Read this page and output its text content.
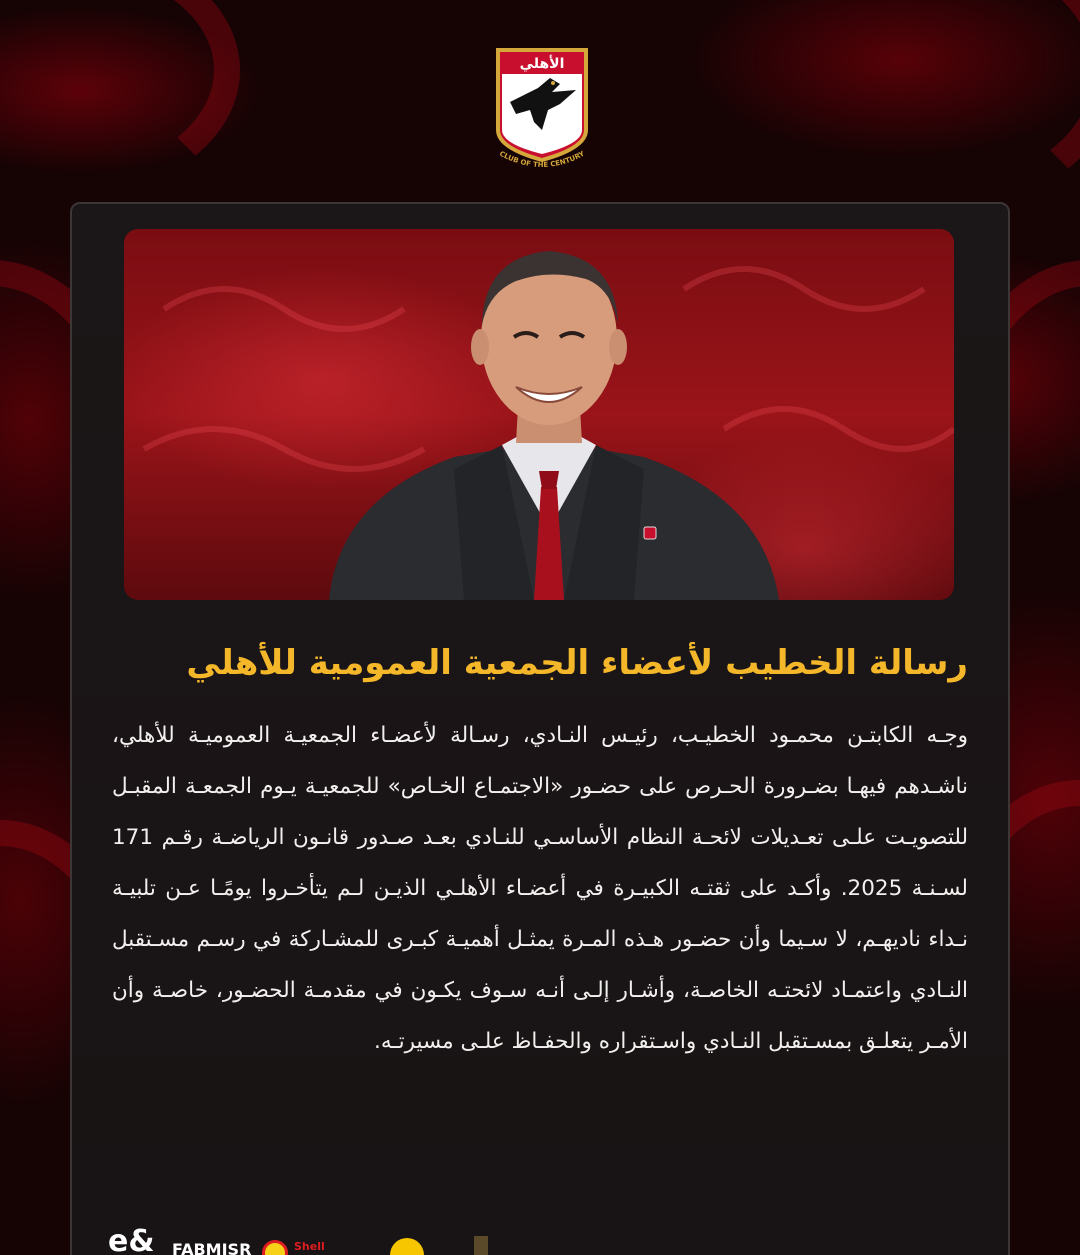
الأهلي
AL AHLY
1907
CLUB OF THE CENTURY
رسالة الخطيب لأعضاء الجمعية العمومية للأهلي
وجـه الكابتـن محمـود الخطيـب، رئيـس النـادي، رسـالة لأعضـاء الجمعيـة العموميـة للأهلي، ناشـدهم فيهـا بضـرورة الحـرص على حضـور «الاجتمـاع الخـاص» للجمعيـة يـوم الجمعـة المقبـل للتصويـت علـى تعـديلات لائحـة النظام الأساسـي للنـادي بعـد صـدور قانـون الرياضـة رقـم 171 لسـنـة 2025. وأكـد على ثقتـه الكبيـرة في أعضـاء الأهلـي الذيـن لـم يتأخـروا يومًـا عـن تلبيـة نـداء ناديهـم، لا سـيما وأن حضـور هـذه المـرة يمثـل أهميـة كبـرى للمشـاركة في رسـم مسـتقبل النـادي واعتمـاد لائحتـه الخاصـة، وأشـار إلـى أنـه سـوف يكـون في مقدمـة الحضـور، خاصـة وأن الأمـر يتعلـق بمسـتقبل النـادي واسـتقراره والحفـاظ علـى مسيرتـه.
e& FABMISR	Shell
